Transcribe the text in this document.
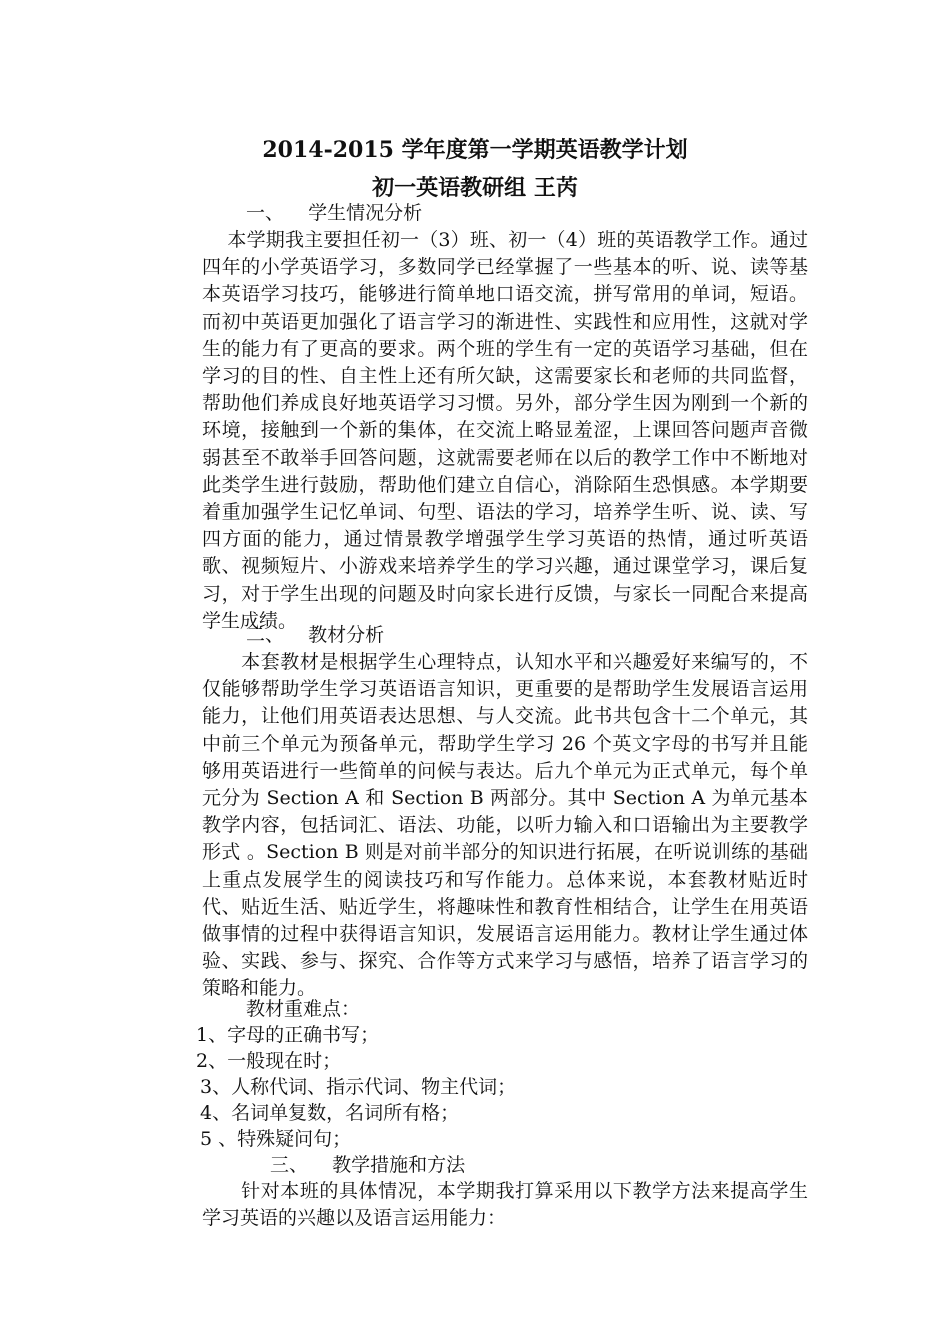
2014-2015 学年度第一学期英语教学计划
初一英语教研组 王芮
一、    学生情况分析
　 本学期我主要担任初一（3）班、初一（4）班的英语教学工作。通过四年的小学英语学习，多数同学已经掌握了一些基本的听、说、读等基本英语学习技巧，能够进行简单地口语交流，拼写常用的单词，短语。而初中英语更加强化了语言学习的渐进性、实践性和应用性，这就对学生的能力有了更高的要求。两个班的学生有一定的英语学习基础，但在学习的目的性、自主性上还有所欠缺，这需要家长和老师的共同监督，帮助他们养成良好地英语学习习惯。另外，部分学生因为刚到一个新的环境，接触到一个新的集体，在交流上略显羞涩，上课回答问题声音微弱甚至不敢举手回答问题，这就需要老师在以后的教学工作中不断地对此类学生进行鼓励，帮助他们建立自信心，消除陌生恐惧感。本学期要着重加强学生记忆单词、句型、语法的学习，培养学生听、说、读、写四方面的能力，通过情景教学增强学生学习英语的热情，通过听英语歌、视频短片、小游戏来培养学生的学习兴趣，通过课堂学习，课后复习，对于学生出现的问题及时向家长进行反馈，与家长一同配合来提高学生成绩。
二、    教材分析
　　本套教材是根据学生心理特点，认知水平和兴趣爱好来编写的，不仅能够帮助学生学习英语语言知识，更重要的是帮助学生发展语言运用能力，让他们用英语表达思想、与人交流。此书共包含十二个单元，其中前三个单元为预备单元，帮助学生学习 26 个英文字母的书写并且能够用英语进行一些简单的问候与表达。后九个单元为正式单元，每个单元分为 Section A 和 Section B 两部分。其中 Section A 为单元基本教学内容，包括词汇、语法、功能，以听力输入和口语输出为主要教学形式 。Section B 则是对前半部分的知识进行拓展，在听说训练的基础上重点发展学生的阅读技巧和写作能力。总体来说，本套教材贴近时代、贴近生活、贴近学生，将趣味性和教育性相结合，让学生在用英语做事情的过程中获得语言知识，发展语言运用能力。教材让学生通过体验、实践、参与、探究、合作等方式来学习与感悟，培养了语言学习的策略和能力。
教材重难点：
1、字母的正确书写；
2、一般现在时；
3、人称代词、指示代词、物主代词；
4、名词单复数，名词所有格；
5 、特殊疑问句；
三、    教学措施和方法
　　针对本班的具体情况，本学期我打算采用以下教学方法来提高学生学习英语的兴趣以及语言运用能力：
